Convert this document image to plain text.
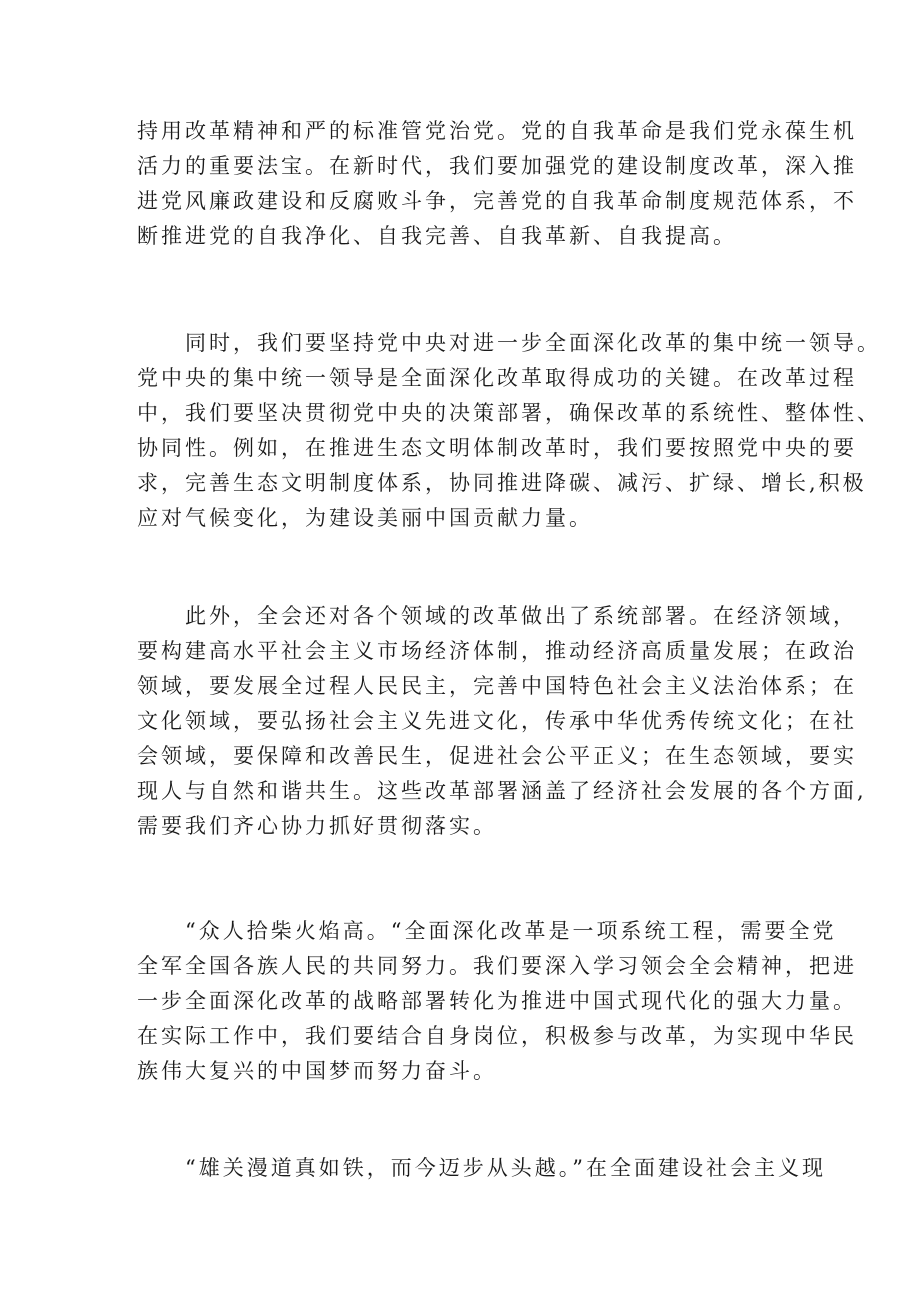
持用改革精神和严的标准管党治党。党的自我革命是我们党永葆生机
活力的重要法宝。在新时代，我们要加强党的建设制度改革，深入推
进党风廉政建设和反腐败斗争，完善党的自我革命制度规范体系，不
断推进党的自我净化、自我完善、自我革新、自我提高。
　　同时，我们要坚持党中央对进一步全面深化改革的集中统一领导。
党中央的集中统一领导是全面深化改革取得成功的关键。在改革过程
中，我们要坚决贯彻党中央的决策部署，确保改革的系统性、整体性、
协同性。例如，在推进生态文明体制改革时，我们要按照党中央的要
求，完善生态文明制度体系，协同推进降碳、减污、扩绿、增长,积极
应对气候变化，为建设美丽中国贡献力量。
　　此外，全会还对各个领域的改革做出了系统部署。在经济领域，
要构建高水平社会主义市场经济体制，推动经济高质量发展；在政治
领域，要发展全过程人民民主，完善中国特色社会主义法治体系；在
文化领域，要弘扬社会主义先进文化，传承中华优秀传统文化；在社
会领域，要保障和改善民生，促进社会公平正义；在生态领域，要实
现人与自然和谐共生。这些改革部署涵盖了经济社会发展的各个方面,
需要我们齐心协力抓好贯彻落实。
　　“众人拾柴火焰高。“全面深化改革是一项系统工程，需要全党
全军全国各族人民的共同努力。我们要深入学习领会全会精神，把进
一步全面深化改革的战略部署转化为推进中国式现代化的强大力量。
在实际工作中，我们要结合自身岗位，积极参与改革，为实现中华民
族伟大复兴的中国梦而努力奋斗。
　　“雄关漫道真如铁，而今迈步从头越。”在全面建设社会主义现
